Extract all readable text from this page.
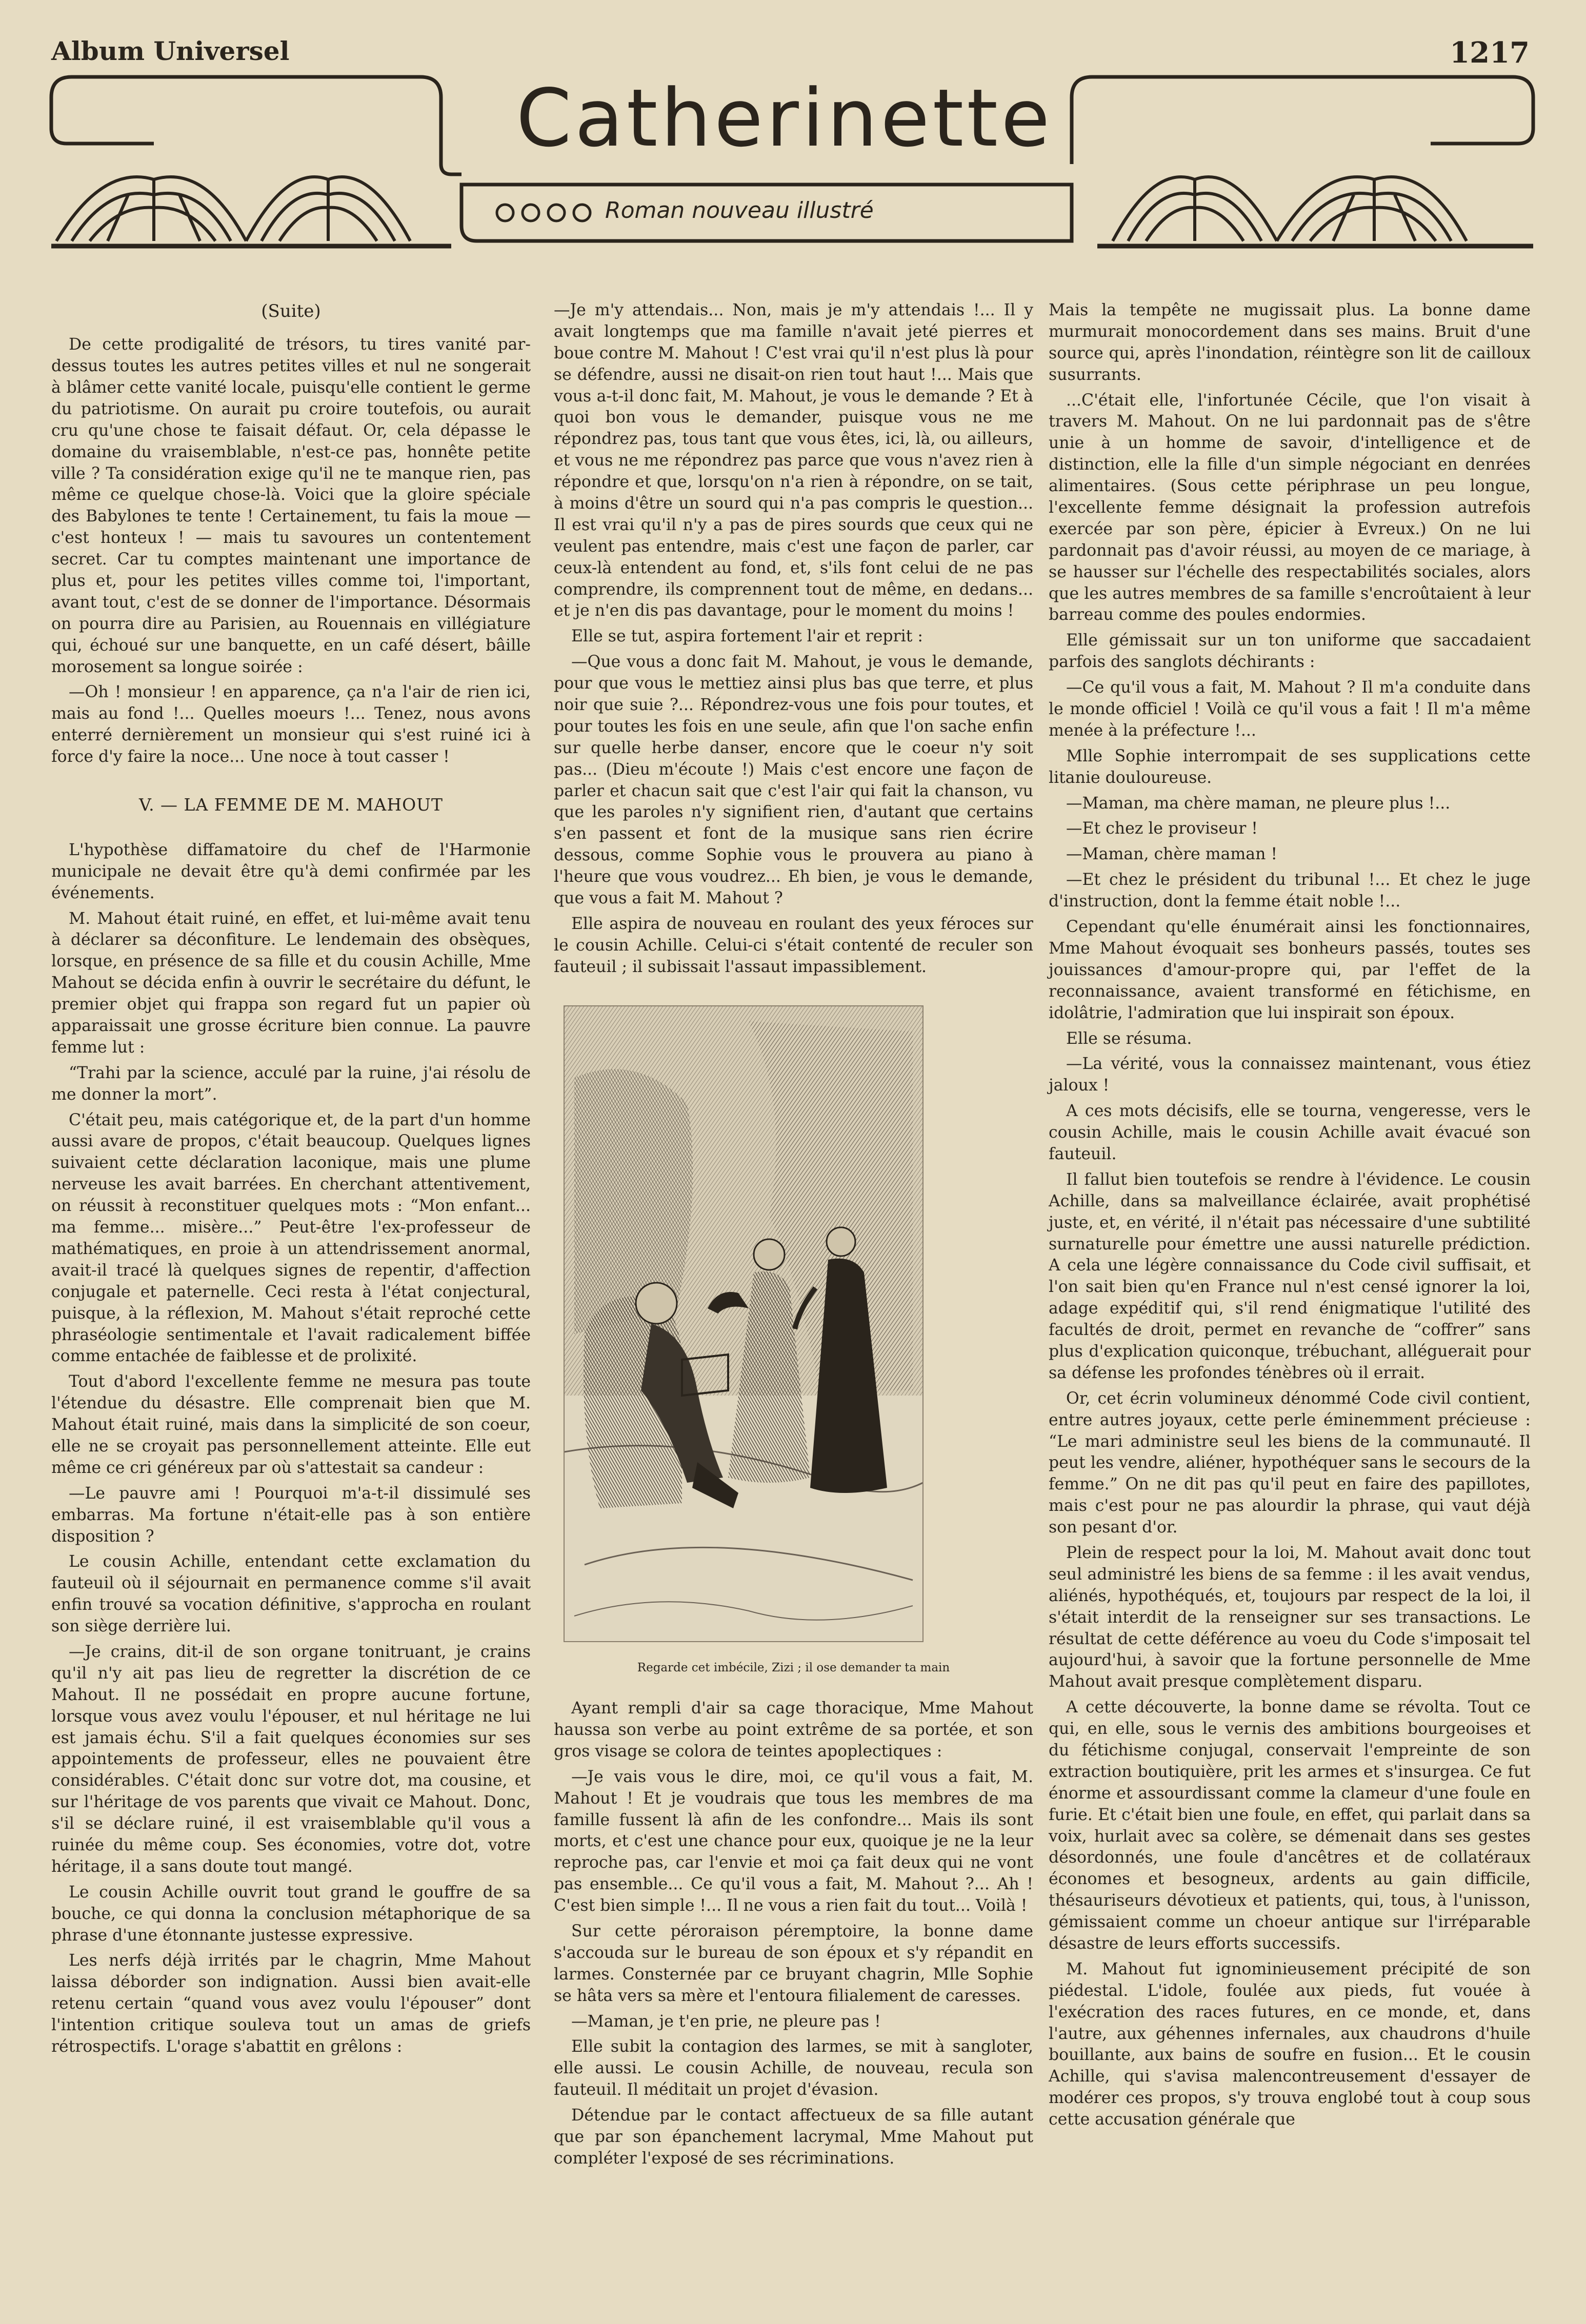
Album Universel	1217
Catherinette
Roman nouveau illustré
(Suite)

De cette prodigalité de trésors, tu tires vanité par-dessus toutes les autres petites villes et nul ne songerait à blâmer cette vanité locale, puisqu'elle contient le germe du patriotisme. On aurait pu croire toutefois, ou aurait cru qu'une chose te faisait défaut. Or, cela dépasse le domaine du vraisemblable, n'est-ce pas, honnête petite ville ? Ta considération exige qu'il ne te manque rien, pas même ce quelque chose-là. Voici que la gloire spéciale des Babylones te tente ! Certainement, tu fais la moue — c'est honteux ! — mais tu savoures un contentement secret. Car tu comptes maintenant une importance de plus et, pour les petites villes comme toi, l'important, avant tout, c'est de se donner de l'importance. Désormais on pourra dire au Parisien, au Rouennais en villégiature qui, échoué sur une banquette, en un café désert, bâille morosement sa longue soirée :

—Oh ! monsieur ! en apparence, ça n'a l'air de rien ici, mais au fond !... Quelles moeurs !... Tenez, nous avons enterré dernièrement un monsieur qui s'est ruiné ici à force d'y faire la noce... Une noce à tout casser !

V. — LA FEMME DE M. MAHOUT

L'hypothèse diffamatoire du chef de l'Harmonie municipale ne devait être qu'à demi confirmée par les événements.

M. Mahout était ruiné, en effet, et lui-même avait tenu à déclarer sa déconfiture. Le lendemain des obsèques, lorsque, en présence de sa fille et du cousin Achille, Mme Mahout se décida enfin à ouvrir le secrétaire du défunt, le premier objet qui frappa son regard fut un papier où apparaissait une grosse écriture bien connue. La pauvre femme lut :

“Trahi par la science, acculé par la ruine, j'ai résolu de me donner la mort”.

C'était peu, mais catégorique et, de la part d'un homme aussi avare de propos, c'était beaucoup. Quelques lignes suivaient cette déclaration laconique, mais une plume nerveuse les avait barrées. En cherchant attentivement, on réussit à reconstituer quelques mots : “Mon enfant... ma femme... misère...” Peut-être l'ex-professeur de mathématiques, en proie à un attendrissement anormal, avait-il tracé là quelques signes de repentir, d'affection conjugale et paternelle. Ceci resta à l'état conjectural, puisque, à la réflexion, M. Mahout s'était reproché cette phraséologie sentimentale et l'avait radicalement biffée comme entachée de faiblesse et de prolixité.

Tout d'abord l'excellente femme ne mesura pas toute l'étendue du désastre. Elle comprenait bien que M. Mahout était ruiné, mais dans la simplicité de son coeur, elle ne se croyait pas personnellement atteinte. Elle eut même ce cri généreux par où s'attestait sa candeur :

—Le pauvre ami ! Pourquoi m'a-t-il dissimulé ses embarras. Ma fortune n'était-elle pas à son entière disposition ?

Le cousin Achille, entendant cette exclamation du fauteuil où il séjournait en permanence comme s'il avait enfin trouvé sa vocation définitive, s'approcha en roulant son siège derrière lui.

—Je crains, dit-il de son organe tonitruant, je crains qu'il n'y ait pas lieu de regretter la discrétion de ce Mahout. Il ne possédait en propre aucune fortune, lorsque vous avez voulu l'épouser, et nul héritage ne lui est jamais échu. S'il a fait quelques économies sur ses appointements de professeur, elles ne pouvaient être considérables. C'était donc sur votre dot, ma cousine, et sur l'héritage de vos parents que vivait ce Mahout. Donc, s'il se déclare ruiné, il est vraisemblable qu'il vous a ruinée du même coup. Ses économies, votre dot, votre héritage, il a sans doute tout mangé.

Le cousin Achille ouvrit tout grand le gouffre de sa bouche, ce qui donna la conclusion métaphorique de sa phrase d'une étonnante justesse expressive.

Les nerfs déjà irrités par le chagrin, Mme Mahout laissa déborder son indignation. Aussi bien avait-elle retenu certain “quand vous avez voulu l'épouser” dont l'intention critique souleva tout un amas de griefs rétrospectifs. L'orage s'abattit en grêlons :

—Je m'y attendais... Non, mais je m'y attendais !... Il y avait longtemps que ma famille n'avait jeté pierres et boue contre M. Mahout ! C'est vrai qu'il n'est plus là pour se défendre, aussi ne disait-on rien tout haut !... Mais que vous a-t-il donc fait, M. Mahout, je vous le demande ? Et à quoi bon vous le demander, puisque vous ne me répondrez pas, tous tant que vous êtes, ici, là, ou ailleurs, et vous ne me répondrez pas parce que vous n'avez rien à répondre et que, lorsqu'on n'a rien à répondre, on se tait, à moins d'être un sourd qui n'a pas compris le question... Il est vrai qu'il n'y a pas de pires sourds que ceux qui ne veulent pas entendre, mais c'est une façon de parler, car ceux-là entendent au fond, et, s'ils font celui de ne pas comprendre, ils comprennent tout de même, en dedans... et je n'en dis pas davantage, pour le moment du moins !

Elle se tut, aspira fortement l'air et reprit :

—Que vous a donc fait M. Mahout, je vous le demande, pour que vous le mettiez ainsi plus bas que terre, et plus noir que suie ?... Répondrez-vous une fois pour toutes, et pour toutes les fois en une seule, afin que l'on sache enfin sur quelle herbe danser, encore que le coeur n'y soit pas... (Dieu m'écoute !) Mais c'est encore une façon de parler et chacun sait que c'est l'air qui fait la chanson, vu que les paroles n'y signifient rien, d'autant que certains s'en passent et font de la musique sans rien écrire dessous, comme Sophie vous le prouvera au piano à l'heure que vous voudrez... Eh bien, je vous le demande, que vous a fait M. Mahout ?

Elle aspira de nouveau en roulant des yeux féroces sur le cousin Achille. Celui-ci s'était contenté de reculer son fauteuil ; il subissait l'assaut impassiblement.

Regarde cet imbécile, Zizi ; il ose demander ta main

Ayant rempli d'air sa cage thoracique, Mme Mahout haussa son verbe au point extrême de sa portée, et son gros visage se colora de teintes apoplectiques :

—Je vais vous le dire, moi, ce qu'il vous a fait, M. Mahout ! Et je voudrais que tous les membres de ma famille fussent là afin de les confondre... Mais ils sont morts, et c'est une chance pour eux, quoique je ne la leur reproche pas, car l'envie et moi ça fait deux qui ne vont pas ensemble... Ce qu'il vous a fait, M. Mahout ?... Ah ! C'est bien simple !... Il ne vous a rien fait du tout... Voilà !

Sur cette péroraison péremptoire, la bonne dame s'accouda sur le bureau de son époux et s'y répandit en larmes. Consternée par ce bruyant chagrin, Mlle Sophie se hâta vers sa mère et l'entoura filialement de caresses.

—Maman, je t'en prie, ne pleure pas !

Elle subit la contagion des larmes, se mit à sangloter, elle aussi. Le cousin Achille, de nouveau, recula son fauteuil. Il méditait un projet d'évasion.

Détendue par le contact affectueux de sa fille autant que par son épanchement lacrymal, Mme Mahout put compléter l'exposé de ses récriminations.

Mais la tempête ne mugissait plus. La bonne dame murmurait monocordement dans ses mains. Bruit d'une source qui, après l'inondation, réintègre son lit de cailloux susurrants.

...C'était elle, l'infortunée Cécile, que l'on visait à travers M. Mahout. On ne lui pardonnait pas de s'être unie à un homme de savoir, d'intelligence et de distinction, elle la fille d'un simple négociant en denrées alimentaires. (Sous cette périphrase un peu longue, l'excellente femme désignait la profession autrefois exercée par son père, épicier à Evreux.) On ne lui pardonnait pas d'avoir réussi, au moyen de ce mariage, à se hausser sur l'échelle des respectabilités sociales, alors que les autres membres de sa famille s'encroûtaient à leur barreau comme des poules endormies.

Elle gémissait sur un ton uniforme que saccadaient parfois des sanglots déchirants :

—Ce qu'il vous a fait, M. Mahout ? Il m'a conduite dans le monde officiel ! Voilà ce qu'il vous a fait ! Il m'a même menée à la préfecture !...

Mlle Sophie interrompait de ses supplications cette litanie douloureuse.

—Maman, ma chère maman, ne pleure plus !...

—Et chez le proviseur !

—Maman, chère maman !

—Et chez le président du tribunal !... Et chez le juge d'instruction, dont la femme était noble !...

Cependant qu'elle énumérait ainsi les fonctionnaires, Mme Mahout évoquait ses bonheurs passés, toutes ses jouissances d'amour-propre qui, par l'effet de la reconnaissance, avaient transformé en fétichisme, en idolâtrie, l'admiration que lui inspirait son époux.

Elle se résuma.

—La vérité, vous la connaissez maintenant, vous étiez jaloux !

A ces mots décisifs, elle se tourna, vengeresse, vers le cousin Achille, mais le cousin Achille avait évacué son fauteuil.

Il fallut bien toutefois se rendre à l'évidence. Le cousin Achille, dans sa malveillance éclairée, avait prophétisé juste, et, en vérité, il n'était pas nécessaire d'une subtilité surnaturelle pour émettre une aussi naturelle prédiction. A cela une légère connaissance du Code civil suffisait, et l'on sait bien qu'en France nul n'est censé ignorer la loi, adage expéditif qui, s'il rend énigmatique l'utilité des facultés de droit, permet en revanche de “coffrer” sans plus d'explication quiconque, trébuchant, alléguerait pour sa défense les profondes ténèbres où il errait.

Or, cet écrin volumineux dénommé Code civil contient, entre autres joyaux, cette perle éminemment précieuse : “Le mari administre seul les biens de la communauté. Il peut les vendre, aliéner, hypothéquer sans le secours de la femme.” On ne dit pas qu'il peut en faire des papillotes, mais c'est pour ne pas alourdir la phrase, qui vaut déjà son pesant d'or.

Plein de respect pour la loi, M. Mahout avait donc tout seul administré les biens de sa femme : il les avait vendus, aliénés, hypothéqués, et, toujours par respect de la loi, il s'était interdit de la renseigner sur ses transactions. Le résultat de cette déférence au voeu du Code s'imposait tel aujourd'hui, à savoir que la fortune personnelle de Mme Mahout avait presque complètement disparu.

A cette découverte, la bonne dame se révolta. Tout ce qui, en elle, sous le vernis des ambitions bourgeoises et du fétichisme conjugal, conservait l'empreinte de son extraction boutiquière, prit les armes et s'insurgea. Ce fut énorme et assourdissant comme la clameur d'une foule en furie. Et c'était bien une foule, en effet, qui parlait dans sa voix, hurlait avec sa colère, se démenait dans ses gestes désordonnés, une foule d'ancêtres et de collatéraux économes et besogneux, ardents au gain difficile, thésauriseurs dévotieux et patients, qui, tous, à l'unisson, gémissaient comme un choeur antique sur l'irréparable désastre de leurs efforts successifs.

M. Mahout fut ignominieusement précipité de son piédestal. L'idole, foulée aux pieds, fut vouée à l'exécration des races futures, en ce monde, et, dans l'autre, aux géhennes infernales, aux chaudrons d'huile bouillante, aux bains de soufre en fusion... Et le cousin Achille, qui s'avisa malencontreusement d'essayer de modérer ces propos, s'y trouva englobé tout à coup sous cette accusation générale que
